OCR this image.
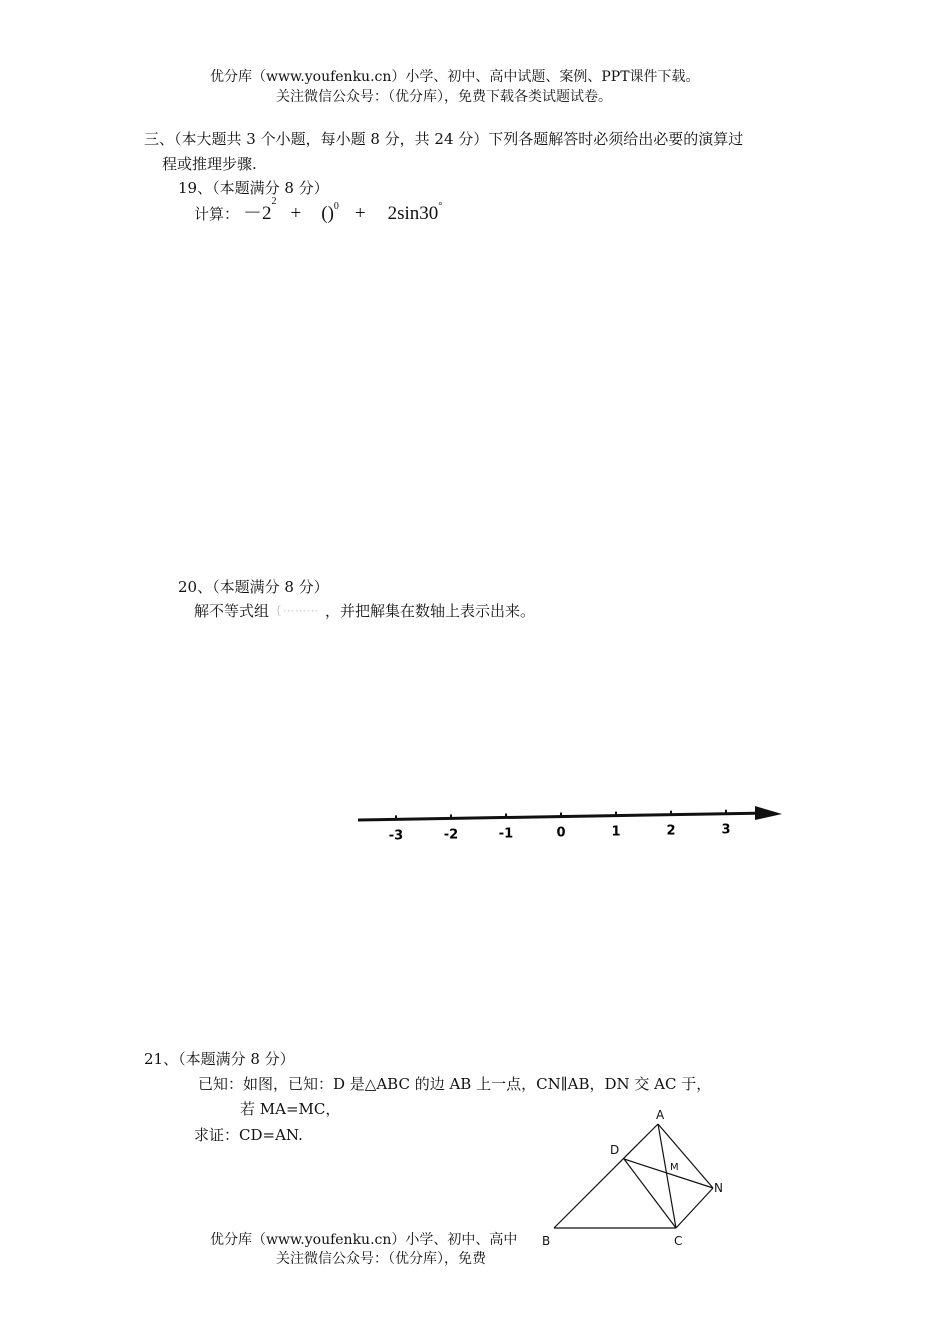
优分库（www.youfenku.cn）小学、初中、高中试题、案例、PPT课件下载。
关注微信公众号：（优分库），免费下载各类试题试卷。
三、（本大题共 3 个小题，每小题 8 分，共 24 分）下列各题解答时必须给出必要的演算过
程或推理步骤.
19、（本题满分 8 分）
计算： $-2^2$
+ ()$^0$ + 2sin30°
20、（本题满分 8 分）
解不等式组 {⋯⋯⋯ ，并把解集在数轴上表示出来。
-3	-2	-1	0	1	2	3
21、（本题满分 8 分）
已知：如图，已知：D 是△ABC 的边 AB 上一点，CN∥AB，DN 交 AC 于，
若 MA=MC，
求证：CD=AN.
A
B	C
D
M
N
优分库（www.youfenku.cn）小学、初中、高中
关注微信公众号：（优分库），免费
